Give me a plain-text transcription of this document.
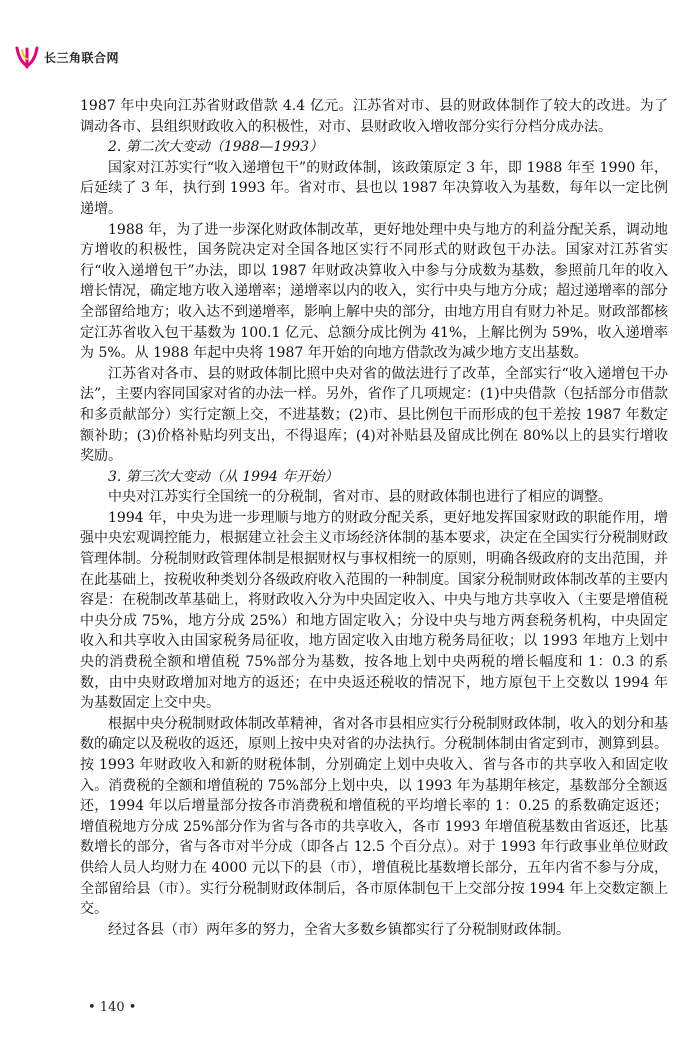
长三角联合网

1987 年中央向江苏省财政借款 4.4 亿元。江苏省对市、县的财政体制作了较大的改进。为了调动各市、县组织财政收入的积极性，对市、县财政收入增收部分实行分档分成办法。

2. 第二次大变动（1988—1993）

国家对江苏实行“收入递增包干”的财政体制，该政策原定 3 年，即 1988 年至 1990 年，后延续了 3 年，执行到 1993 年。省对市、县也以 1987 年决算收入为基数，每年以一定比例递增。

1988 年，为了进一步深化财政体制改革，更好地处理中央与地方的利益分配关系，调动地方增收的积极性，国务院决定对全国各地区实行不同形式的财政包干办法。国家对江苏省实行“收入递增包干”办法，即以 1987 年财政决算收入中参与分成数为基数，参照前几年的收入增长情况，确定地方收入递增率；递增率以内的收入，实行中央与地方分成；超过递增率的部分全部留给地方；收入达不到递增率，影响上解中央的部分，由地方用自有财力补足。财政部都核定江苏省收入包干基数为 100.1 亿元、总额分成比例为 41%，上解比例为 59%，收入递增率为 5%。从 1988 年起中央将 1987 年开始的向地方借款改为减少地方支出基数。

江苏省对各市、县的财政体制比照中央对省的做法进行了改革，全部实行“收入递增包干办法”，主要内容同国家对省的办法一样。另外，省作了几项规定：(1)中央借款（包括部分市借款和多贡献部分）实行定额上交，不进基数；(2)市、县比例包干而形成的包干差按 1987 年数定额补助；(3)价格补贴均列支出，不得退库；(4)对补贴县及留成比例在 80%以上的县实行增收奖励。

3. 第三次大变动（从 1994 年开始）

中央对江苏实行全国统一的分税制，省对市、县的财政体制也进行了相应的调整。

1994 年，中央为进一步理顺与地方的财政分配关系，更好地发挥国家财政的职能作用，增强中央宏观调控能力，根据建立社会主义市场经济体制的基本要求，决定在全国实行分税制财政管理体制。分税制财政管理体制是根据财权与事权相统一的原则，明确各级政府的支出范围，并在此基础上，按税收种类划分各级政府收入范围的一种制度。国家分税制财政体制改革的主要内容是：在税制改革基础上，将财政收入分为中央固定收入、中央与地方共享收入（主要是增值税中央分成 75%，地方分成 25%）和地方固定收入；分设中央与地方两套税务机构，中央固定收入和共享收入由国家税务局征收，地方固定收入由地方税务局征收；以 1993 年地方上划中央的消费税全额和增值税 75%部分为基数，按各地上划中央两税的增长幅度和 1：0.3 的系数，由中央财政增加对地方的返还；在中央返还税收的情况下，地方原包干上交数以 1994 年为基数固定上交中央。

根据中央分税制财政体制改革精神，省对各市县相应实行分税制财政体制，收入的划分和基数的确定以及税收的返还，原则上按中央对省的办法执行。分税制体制由省定到市，测算到县。按 1993 年财政收入和新的财税体制，分别确定上划中央收入、省与各市的共享收入和固定收入。消费税的全额和增值税的 75%部分上划中央，以 1993 年为基期年核定，基数部分全额返还，1994 年以后增量部分按各市消费税和增值税的平均增长率的 1：0.25 的系数确定返还；增值税地方分成 25%部分作为省与各市的共享收入，各市 1993 年增值税基数由省返还，比基数增长的部分，省与各市对半分成（即各占 12.5 个百分点）。对于 1993 年行政事业单位财政供给人员人均财力在 4000 元以下的县（市），增值税比基数增长部分，五年内省不参与分成，全部留给县（市）。实行分税制财政体制后，各市原体制包干上交部分按 1994 年上交数定额上交。

经过各县（市）两年多的努力，全省大多数乡镇都实行了分税制财政体制。

• 140 •
